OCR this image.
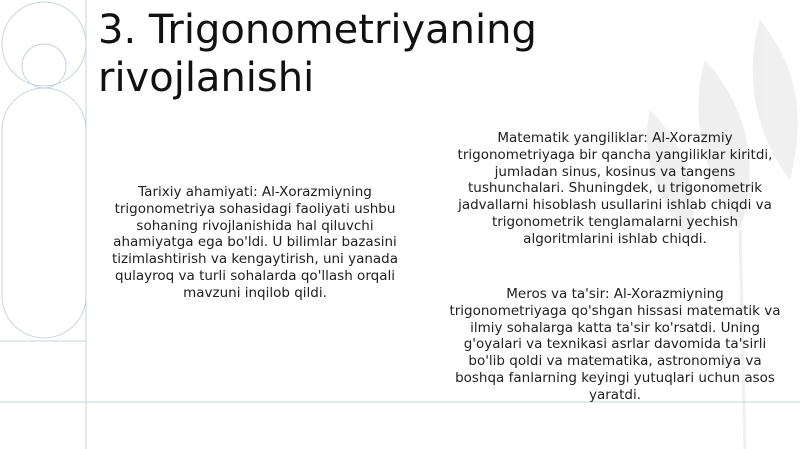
3. Trigonometriyaning
rivojlanishi
Tarixiy ahamiyati: Al-Xorazmiyning
trigonometriya sohasidagi faoliyati ushbu
sohaning rivojlanishida hal qiluvchi
ahamiyatga ega bo'ldi. U bilimlar bazasini
tizimlashtirish va kengaytirish, uni yanada
qulayroq va turli sohalarda qo'llash orqali
mavzuni inqilob qildi.
Matematik yangiliklar: Al-Xorazmiy
trigonometriyaga bir qancha yangiliklar kiritdi,
jumladan sinus, kosinus va tangens
tushunchalari. Shuningdek, u trigonometrik
jadvallarni hisoblash usullarini ishlab chiqdi va
trigonometrik tenglamalarni yechish
algoritmlarini ishlab chiqdi.
Meros va ta'sir: Al-Xorazmiyning
trigonometriyaga qo'shgan hissasi matematik va
ilmiy sohalarga katta ta'sir ko'rsatdi. Uning
g'oyalari va texnikasi asrlar davomida ta'sirli
bo'lib qoldi va matematika, astronomiya va
boshqa fanlarning keyingi yutuqlari uchun asos
yaratdi.
